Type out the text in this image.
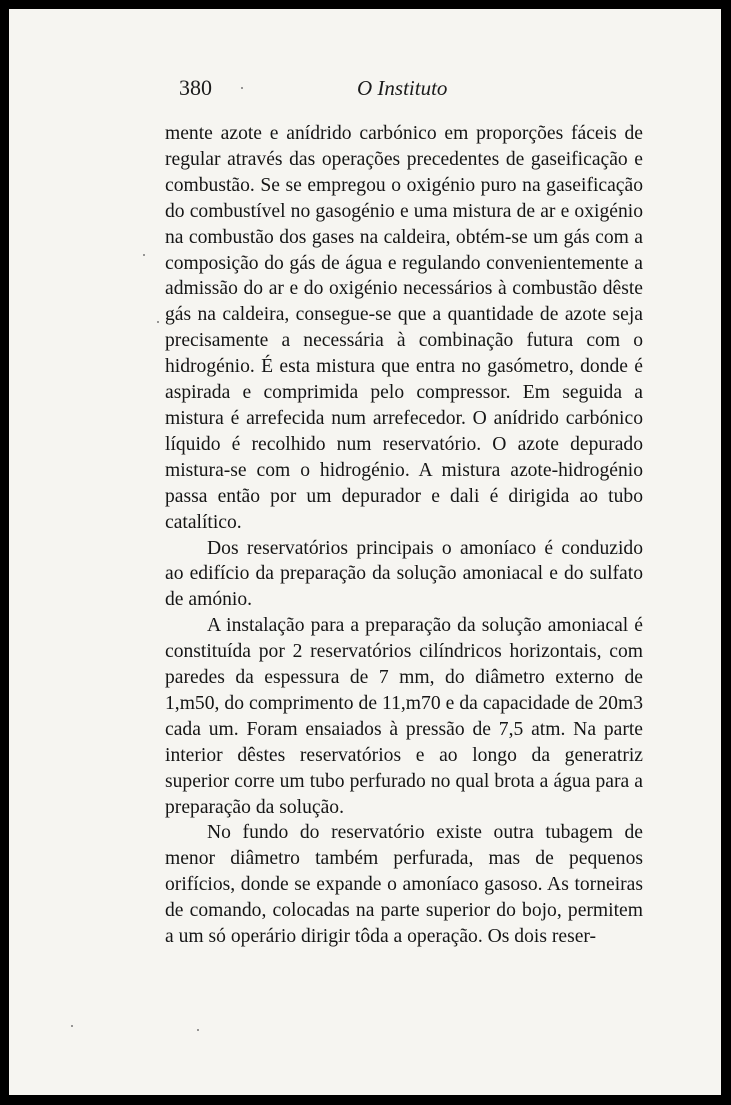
380	O Instituto

mente azote e anídrido carbónico em proporções fáceis de regular através das operações precedentes de gaseificação e combustão. Se se empregou o oxigénio puro na gaseificação do combustível no gasogénio e uma mistura de ar e oxigénio na combustão dos gases na caldeira, obtém-se um gás com a composição do gás de água e regulando convenientemente a admissão do ar e do oxigénio necessários à combustão dêste gás na caldeira, consegue-se que a quantidade de azote seja precisamente a necessária à combinação futura com o hidrogénio. É esta mistura que entra no gasómetro, donde é aspirada e comprimida pelo compressor. Em seguida a mistura é arrefecida num arrefecedor. O anídrido carbónico líquido é recolhido num reservatório. O azote depurado mistura-se com o hidrogénio. A mistura azote-hidrogénio passa então por um depurador e dali é dirigida ao tubo catalítico.

Dos reservatórios principais o amoníaco é conduzido ao edifício da preparação da solução amoniacal e do sulfato de amónio.

A instalação para a preparação da solução amoniacal é constituída por 2 reservatórios cilíndricos horizontais, com paredes da espessura de 7 mm, do diâmetro externo de 1,m50, do comprimento de 11,m70 e da capacidade de 20m3 cada um. Foram ensaiados à pressão de 7,5 atm. Na parte interior dêstes reservatórios e ao longo da generatriz superior corre um tubo perfurado no qual brota a água para a preparação da solução.

No fundo do reservatório existe outra tubagem de menor diâmetro também perfurada, mas de pequenos orifícios, donde se expande o amoníaco gasoso. As torneiras de comando, colocadas na parte superior do bojo, permitem a um só operário dirigir tôda a operação. Os dois reser-
